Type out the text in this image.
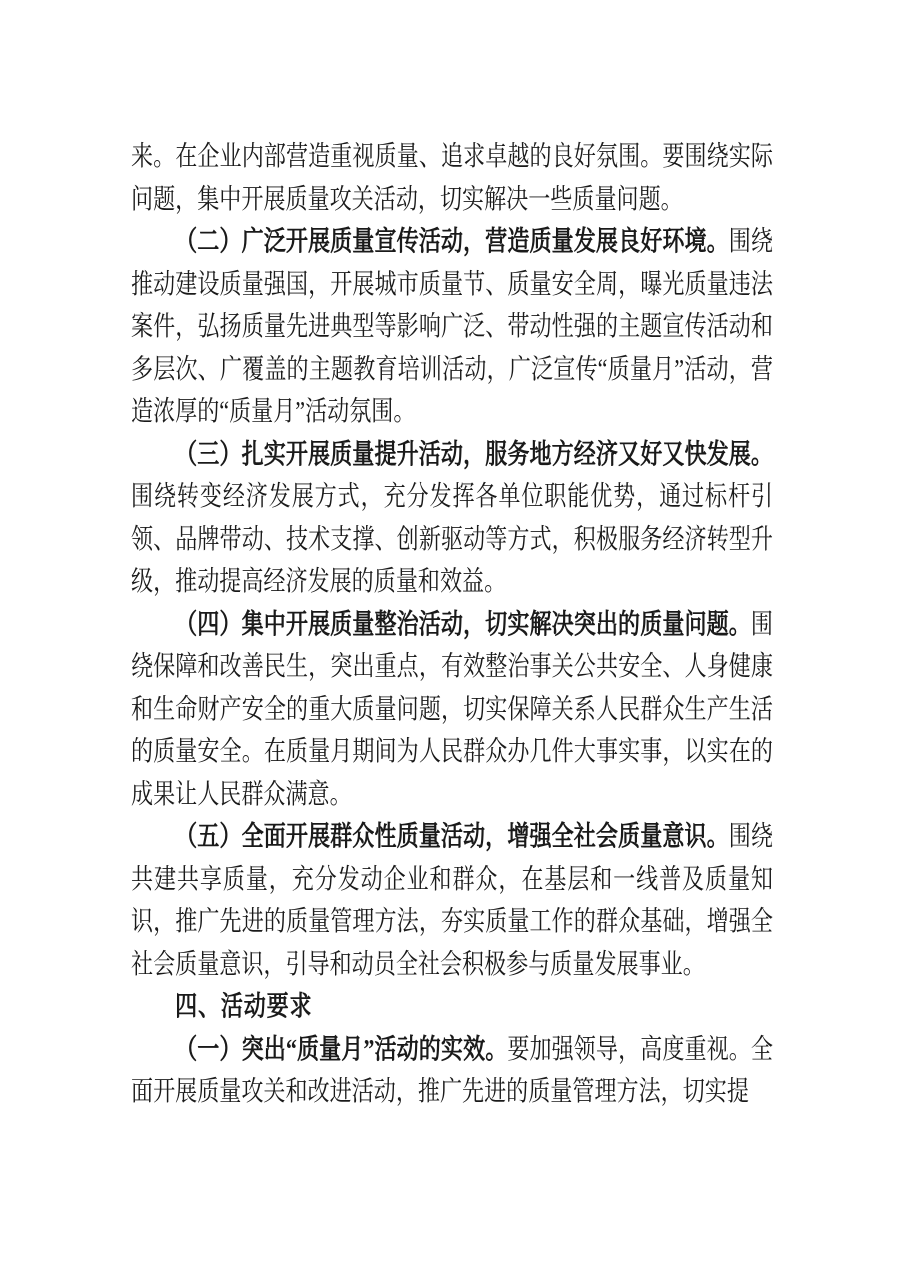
来。在企业内部营造重视质量、追求卓越的良好氛围。要围绕实际问题，集中开展质量攻关活动，切实解决一些质量问题。

（二）广泛开展质量宣传活动，营造质量发展良好环境。围绕推动建设质量强国，开展城市质量节、质量安全周，曝光质量违法案件，弘扬质量先进典型等影响广泛、带动性强的主题宣传活动和多层次、广覆盖的主题教育培训活动，广泛宣传“质量月”活动，营造浓厚的“质量月”活动氛围。

（三）扎实开展质量提升活动，服务地方经济又好又快发展。围绕转变经济发展方式，充分发挥各单位职能优势，通过标杆引领、品牌带动、技术支撑、创新驱动等方式，积极服务经济转型升级，推动提高经济发展的质量和效益。

（四）集中开展质量整治活动，切实解决突出的质量问题。围绕保障和改善民生，突出重点，有效整治事关公共安全、人身健康和生命财产安全的重大质量问题，切实保障关系人民群众生产生活的质量安全。在质量月期间为人民群众办几件大事实事，以实在的成果让人民群众满意。

（五）全面开展群众性质量活动，增强全社会质量意识。围绕共建共享质量，充分发动企业和群众，在基层和一线普及质量知识，推广先进的质量管理方法，夯实质量工作的群众基础，增强全社会质量意识，引导和动员全社会积极参与质量发展事业。

四、活动要求

（一）突出“质量月”活动的实效。要加强领导，高度重视。全面开展质量攻关和改进活动，推广先进的质量管理方法，切实提
